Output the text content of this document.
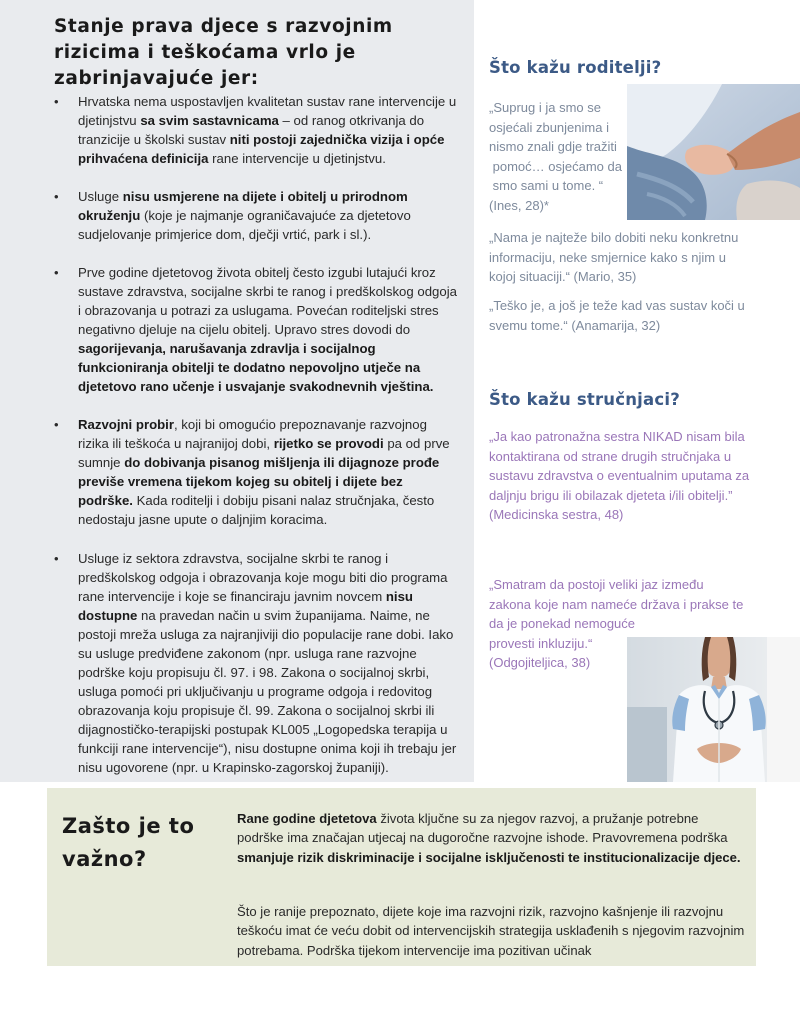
Stanje prava djece s razvojnim rizicima i teškoćama vrlo je zabrinjavajuće jer:
• Hrvatska nema uspostavljen kvalitetan sustav rane intervencije u djetinjstvu sa svim sastavnicama – od ranog otkrivanja do tranzicije u školski sustav niti postoji zajednička vizija i opće prihvaćena definicija rane intervencije u djetinjstvu.
• Usluge nisu usmjerene na dijete i obitelj u prirodnom okruženju (koje je najmanje ograničavajuće za djetetovo sudjelovanje primjerice dom, dječji vrtić, park i sl.).
• Prve godine djetetovog života obitelj često izgubi lutajući kroz sustave zdravstva, socijalne skrbi te ranog i predškolskog odgoja i obrazovanja u potrazi za uslugama. Povećan roditeljski stres negativno djeluje na cijelu obitelj. Upravo stres dovodi do sagorijevanja, narušavanja zdravlja i socijalnog funkcioniranja obitelji te dodatno nepovoljno utječe na djetetovo rano učenje i usvajanje svakodnevnih vještina.
• Razvojni probir, koji bi omogućio prepoznavanje razvojnog rizika ili teškoća u najranijoj dobi, rijetko se provodi pa od prve sumnje do dobivanja pisanog mišljenja ili dijagnoze prođe previše vremena tijekom kojeg su obitelj i dijete bez podrške. Kada roditelji i dobiju pisani nalaz stručnjaka, često nedostaju jasne upute o daljnjim koracima.
• Usluge iz sektora zdravstva, socijalne skrbi te ranog i predškolskog odgoja i obrazovanja koje mogu biti dio programa rane intervencije i koje se financiraju javnim novcem nisu dostupne na pravedan način u svim županijama. Naime, ne postoji mreža usluga za najranjiviji dio populacije rane dobi. Iako su usluge predviđene zakonom (npr. usluga rane razvojne podrške koju propisuju čl. 97. i 98. Zakona o socijalnoj skrbi, usluga pomoći pri uključivanju u programe odgoja i redovitog obrazovanja koju propisuje čl. 99. Zakona o socijalnoj skrbi ili dijagnostičko-terapijski postupak KL005 „Logopedska terapija u funkciji rane intervencije“), nisu dostupne onima koji ih trebaju jer nisu ugovorene (npr. u Krapinsko-zagorskoj županiji).
Što kažu roditelji?
„Suprug i ja smo se
osjećali zbunjenima i
nismo znali gdje tražiti
pomoć… osjećamo da
smo sami u tome. “
(Ines, 28)*

„Nama je najteže bilo dobiti neku konkretnu informaciju, neke smjernice kako s njim u kojoj situaciji.“ (Mario, 35)

„Teško je, a još je teže kad vas sustav koči u svemu tome.“ (Anamarija, 32)

Što kažu stručnjaci?

„Ja kao patronažna sestra NIKAD nisam bila kontaktirana od strane drugih stručnjaka u sustavu zdravstva o eventualnim uputama za daljnju brigu ili obilazak djeteta i/ili obitelji.” (Medicinska sestra, 48)

„Smatram da postoji veliki jaz između
zakona koje nam nameće država i prakse te
da je ponekad nemoguće
provesti inkluziju.“
(Odgojiteljica, 38)
Zašto je to važno?

Rane godine djetetova života ključne su za njegov razvoj, a pružanje potrebne podrške ima značajan utjecaj na dugoročne razvojne ishode. Pravovremena podrška smanjuje rizik diskriminacije i socijalne isključenosti te institucionalizacije djece.

Što je ranije prepoznato, dijete koje ima razvojni rizik, razvojno kašnjenje ili razvojnu teškoću imat će veću dobit od intervencijskih strategija usklađenih s njegovim razvojnim potrebama. Podrška tijekom intervencije ima pozitivan učinak
